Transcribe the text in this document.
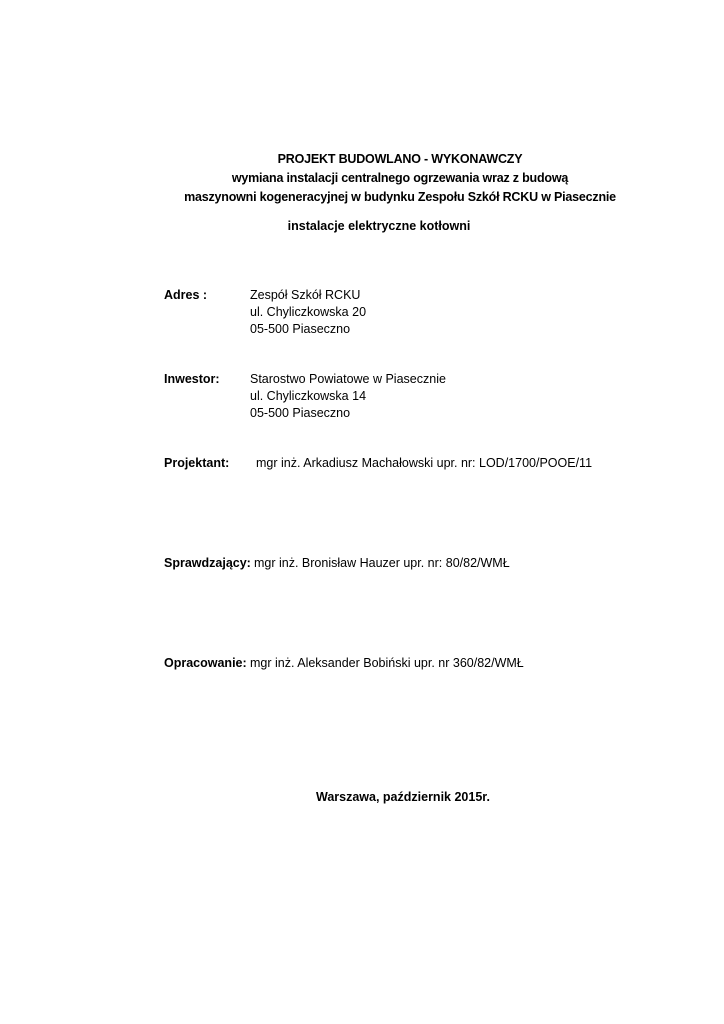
PROJEKT BUDOWLANO - WYKONAWCZY
wymiana instalacji centralnego ogrzewania wraz z budową
maszynowni kogeneracyjnej w budynku Zespołu Szkół RCKU w Piasecznie
instalacje elektryczne kotłowni
Adres :	Zespół Szkół RCKU
ul. Chyliczkowska 20
05-500 Piaseczno
Inwestor: Starostwo Powiatowe w Piasecznie
ul. Chyliczkowska 14
05-500 Piaseczno
Projektant: mgr inż. Arkadiusz Machałowski upr. nr: LOD/1700/POOE/11
Sprawdzający: mgr inż. Bronisław Hauzer upr. nr: 80/82/WMŁ
Opracowanie: mgr inż. Aleksander Bobiński upr. nr 360/82/WMŁ
Warszawa, październik 2015r.
